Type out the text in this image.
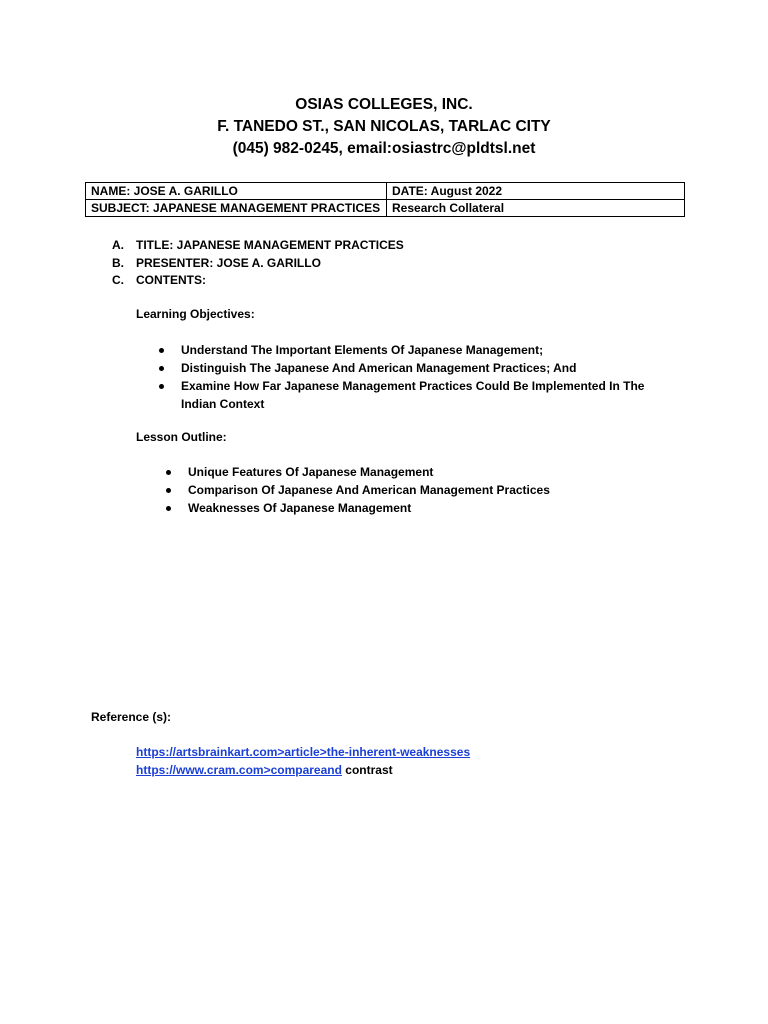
OSIAS COLLEGES, INC.
F. TANEDO ST., SAN NICOLAS, TARLAC CITY
(045) 982-0245, email:osiastrc@pldtsl.net
NAME: JOSE A. GARILLO	DATE: August 2022
SUBJECT: JAPANESE MANAGEMENT PRACTICES	Research Collateral
A.	TITLE: JAPANESE MANAGEMENT PRACTICES
B.	PRESENTER: JOSE A. GARILLO
C.	CONTENTS:
Learning Objectives:
Understand The Important Elements Of Japanese Management;
Distinguish The Japanese And American Management Practices; And
Examine How Far Japanese Management Practices Could Be Implemented In The Indian Context
Lesson Outline:
Unique Features Of Japanese Management
Comparison Of Japanese And American Management Practices
Weaknesses Of Japanese Management
Reference (s):
https://artsbrainkart.com>article>the-inherent-weaknesses
https://www.cram.com>compareand contrast
